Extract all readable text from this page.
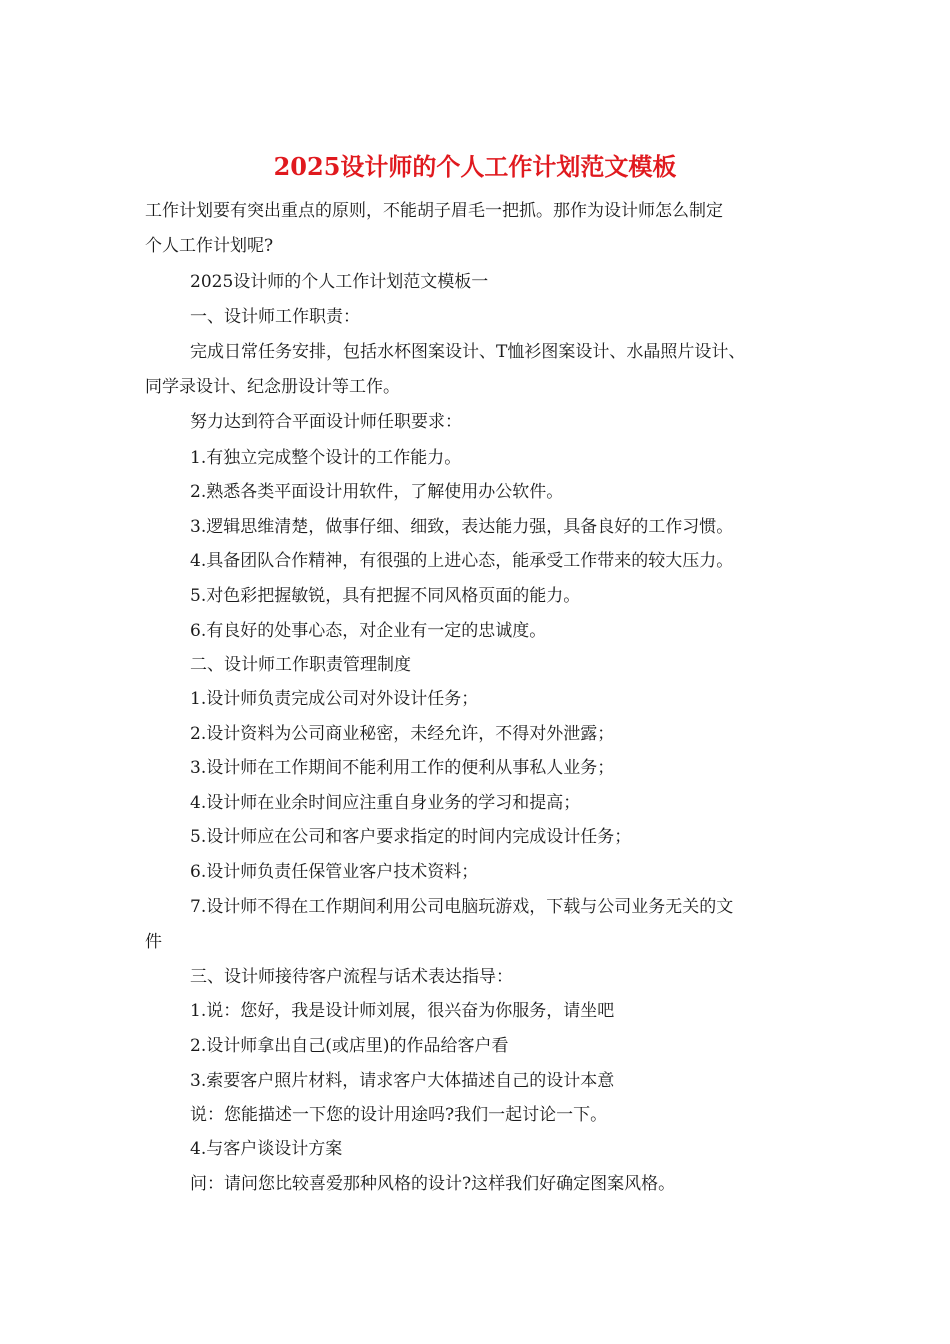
2025设计师的个人工作计划范文模板
工作计划要有突出重点的原则，不能胡子眉毛一把抓。那作为设计师怎么制定
个人工作计划呢?
2025设计师的个人工作计划范文模板一
一、设计师工作职责：
完成日常任务安排，包括水杯图案设计、T恤衫图案设计、水晶照片设计、
同学录设计、纪念册设计等工作。
努力达到符合平面设计师任职要求：
1.有独立完成整个设计的工作能力。
2.熟悉各类平面设计用软件，了解使用办公软件。
3.逻辑思维清楚，做事仔细、细致，表达能力强，具备良好的工作习惯。
4.具备团队合作精神，有很强的上进心态，能承受工作带来的较大压力。
5.对色彩把握敏锐，具有把握不同风格页面的能力。
6.有良好的处事心态，对企业有一定的忠诚度。
二、设计师工作职责管理制度
1.设计师负责完成公司对外设计任务；
2.设计资料为公司商业秘密，未经允许，不得对外泄露；
3.设计师在工作期间不能利用工作的便利从事私人业务；
4.设计师在业余时间应注重自身业务的学习和提高；
5.设计师应在公司和客户要求指定的时间内完成设计任务；
6.设计师负责任保管业客户技术资料；
7.设计师不得在工作期间利用公司电脑玩游戏，下载与公司业务无关的文
件
三、设计师接待客户流程与话术表达指导：
1.说：您好，我是设计师刘展，很兴奋为你服务，请坐吧
2.设计师拿出自己(或店里)的作品给客户看
3.索要客户照片材料，请求客户大体描述自己的设计本意
说：您能描述一下您的设计用途吗?我们一起讨论一下。
4.与客户谈设计方案
问：请问您比较喜爱那种风格的设计?这样我们好确定图案风格。
